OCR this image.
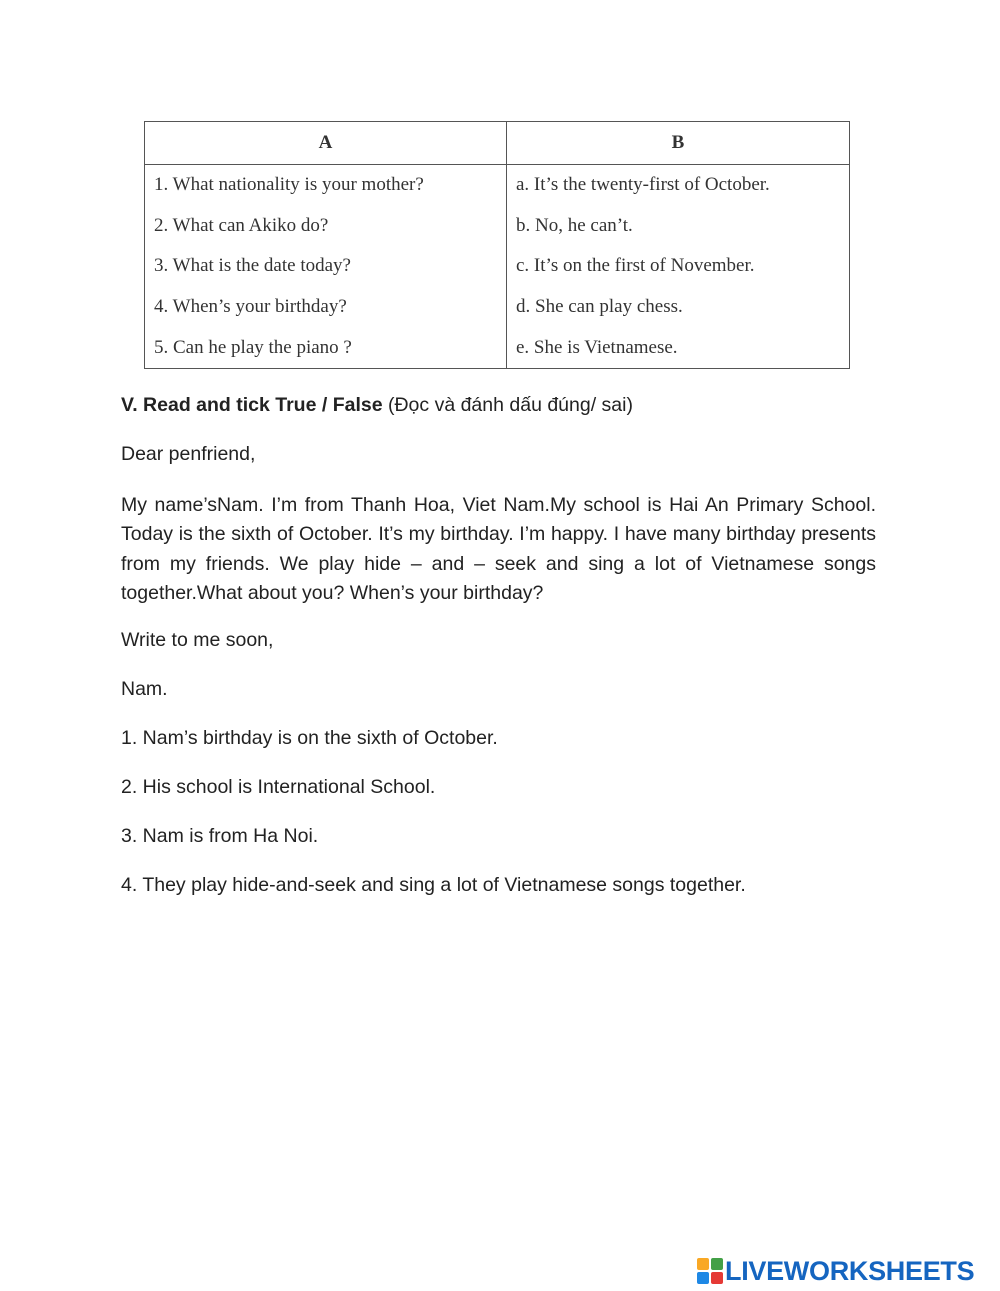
A	B
1. What nationality is your mother?	a. It’s the twenty-first of October.
2. What can Akiko do?	b. No, he can’t.
3. What is the date today?	c. It’s on the first of November.
4. When’s your birthday?	d. She can play chess.
5. Can he play the piano ?	e. She is Vietnamese.

V. Read and tick True / False (Đọc và đánh dấu đúng/ sai)

Dear penfriend,

My name’sNam. I’m from Thanh Hoa, Viet Nam.My school is Hai An Primary School. Today is the sixth of October. It’s my birthday. I’m happy. I have many birthday presents from my friends. We play hide – and – seek and sing a lot of Vietnamese songs together.What about you? When’s your birthday?

Write to me soon,

Nam.

1. Nam’s birthday is on the sixth of October.

2. His school is International School.

3. Nam is from Ha Noi.

4. They play hide-and-seek and sing a lot of Vietnamese songs together.

LIVEWORKSHEETS
